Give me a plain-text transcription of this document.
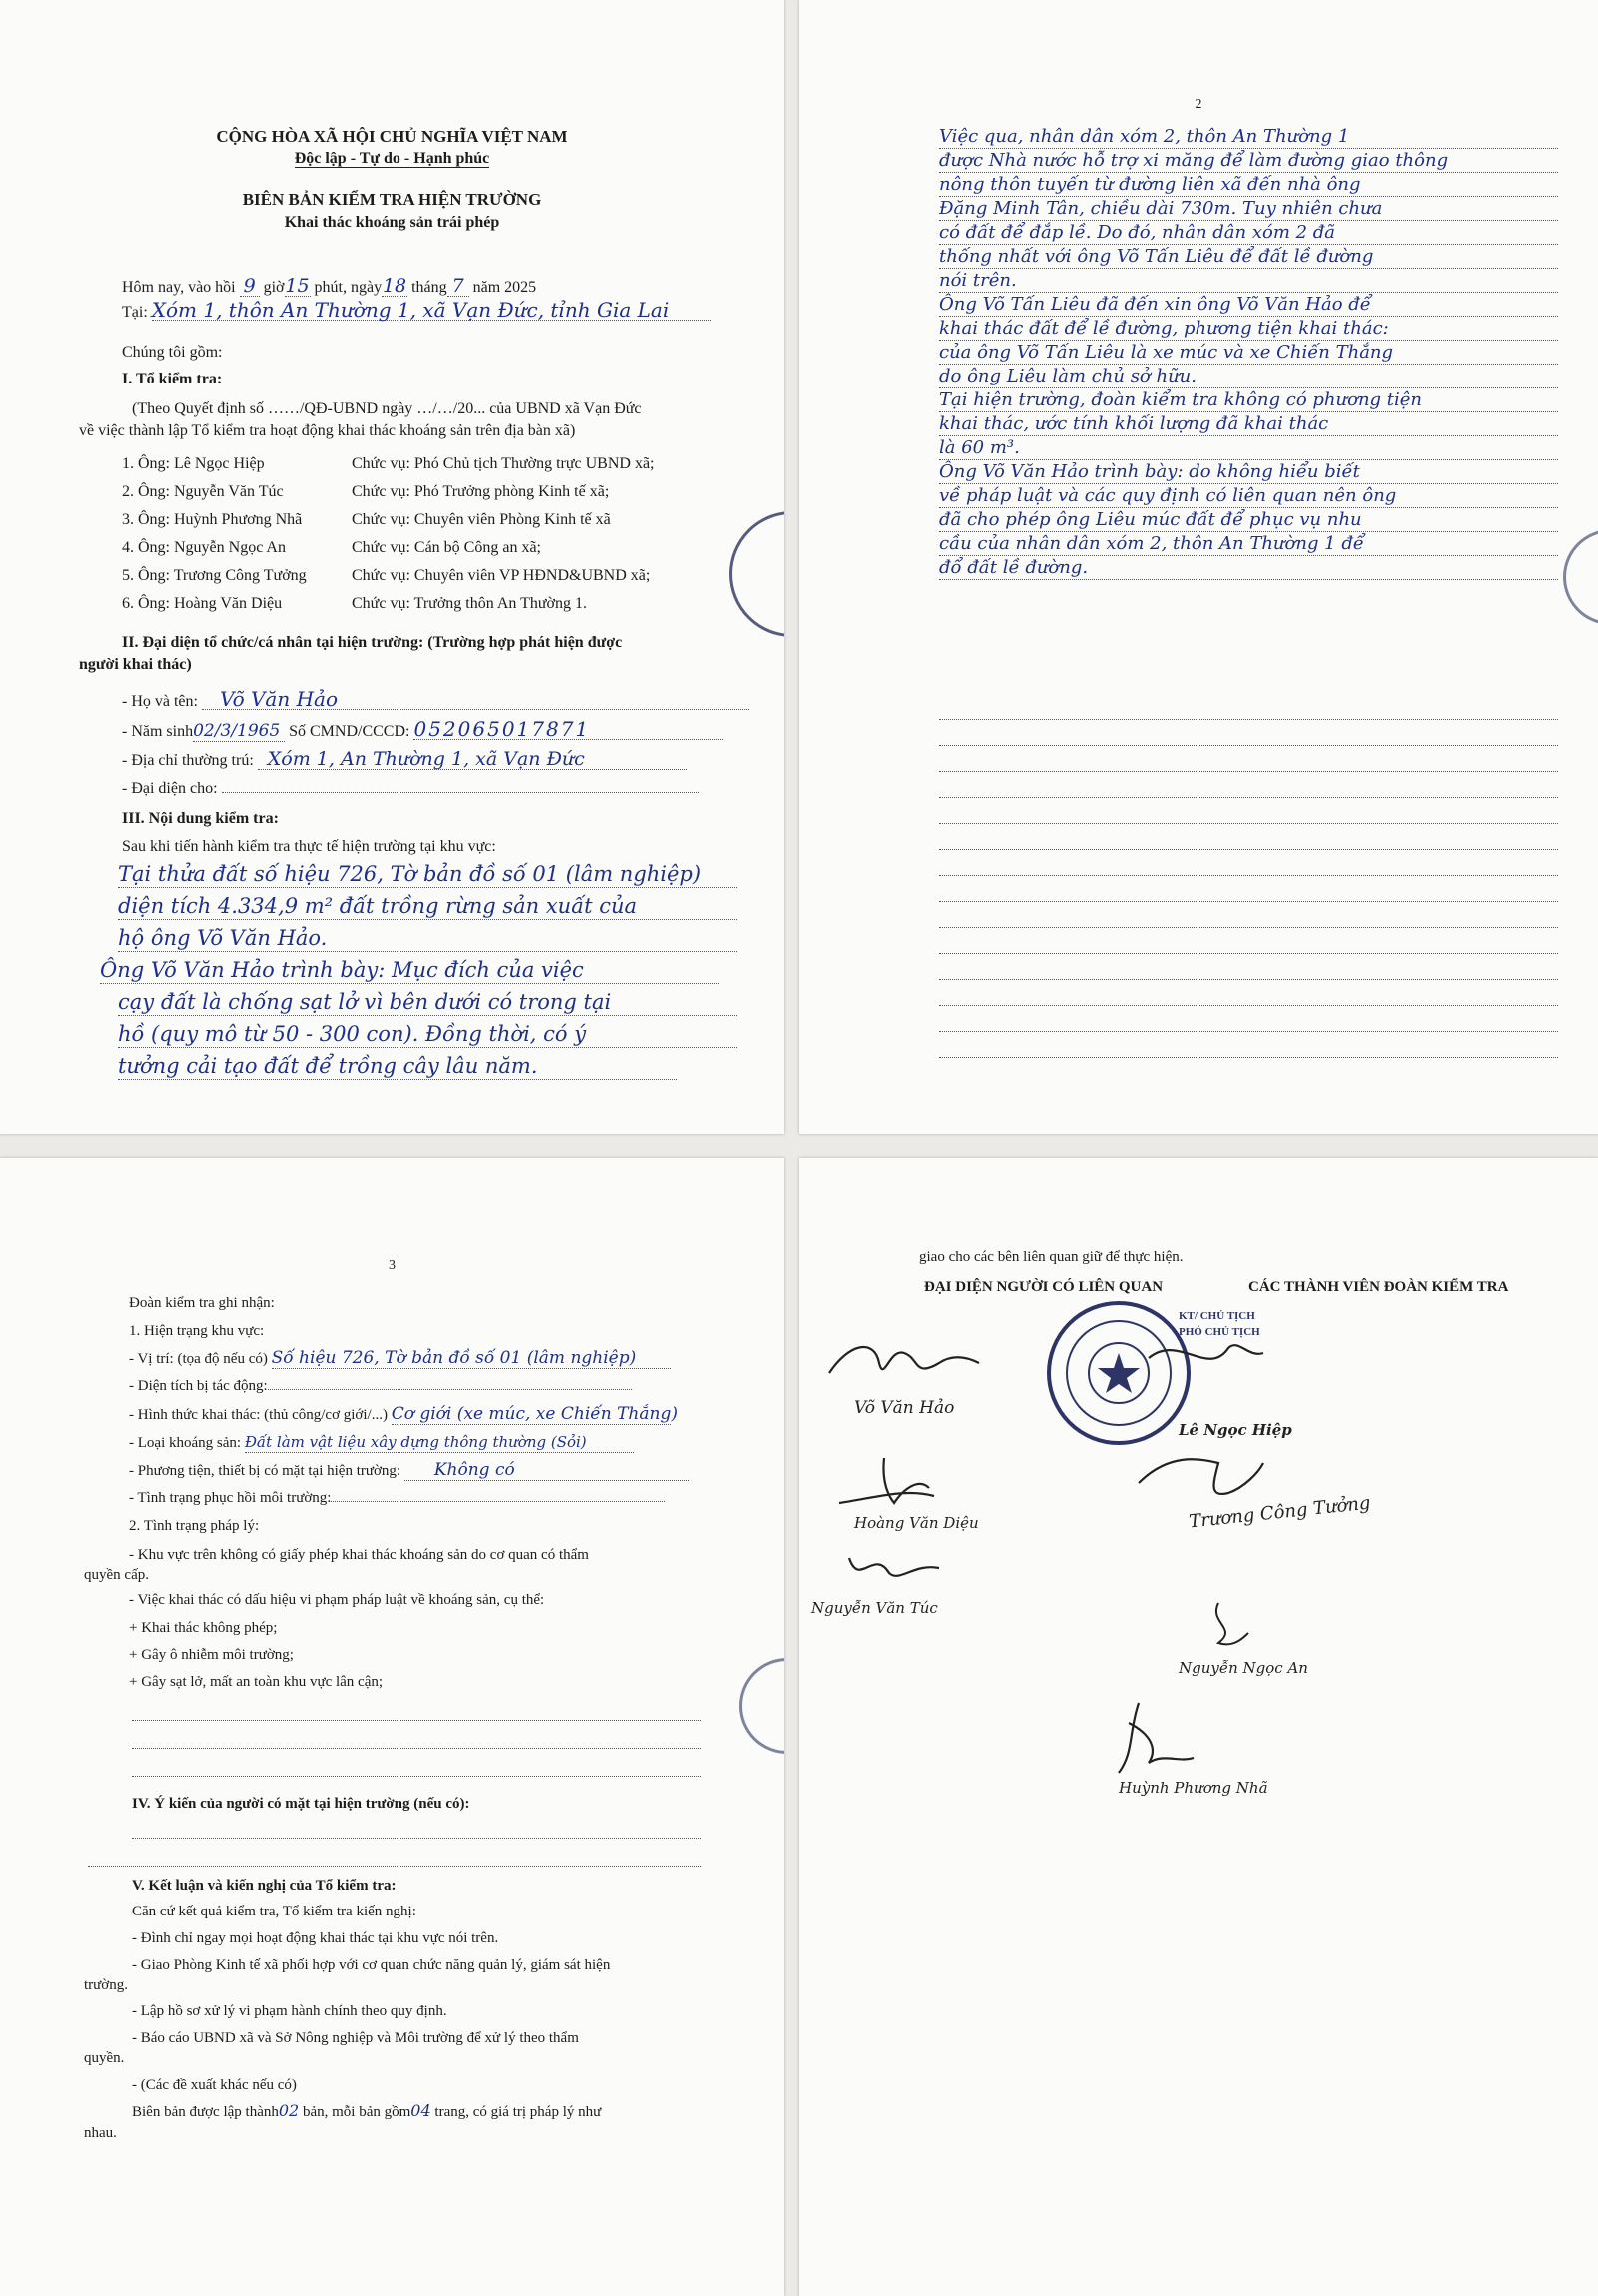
CỘNG HÒA XÃ HỘI CHỦ NGHĨA VIỆT NAM
Độc lập - Tự do - Hạnh phúc
BIÊN BẢN KIỂM TRA HIỆN TRƯỜNG
Khai thác khoáng sản trái phép
Hôm nay, vào hồi 9 giờ15 phút, ngày18 tháng 7 năm 2025
Tại: Xóm 1, thôn An Thường 1, xã Vạn Đức, tỉnh Gia Lai
Chúng tôi gồm:
I. Tổ kiểm tra:
(Theo Quyết định số ……/QĐ-UBND ngày …/…/20... của UBND xã Vạn Đức
về việc thành lập Tổ kiểm tra hoạt động khai thác khoáng sản trên địa bàn xã)
1. Ông: Lê Ngọc Hiệp	Chức vụ: Phó Chủ tịch Thường trực UBND xã;
2. Ông: Nguyễn Văn Túc	Chức vụ: Phó Trưởng phòng Kinh tế xã;
3. Ông: Huỳnh Phương Nhã	Chức vụ: Chuyên viên Phòng Kinh tế xã
4. Ông: Nguyễn Ngọc An	Chức vụ: Cán bộ Công an xã;
5. Ông: Trương Công Tưởng	Chức vụ: Chuyên viên VP HĐND&UBND xã;
6. Ông: Hoàng Văn Diệu	Chức vụ: Trưởng thôn An Thường 1.
II. Đại diện tổ chức/cá nhân tại hiện trường: (Trường hợp phát hiện được
người khai thác)
- Họ và tên: Võ Văn Hảo
- Năm sinh02/3/1965 Số CMND/CCCD: 052065017871
- Địa chỉ thường trú: Xóm 1, An Thường 1, xã Vạn Đức
- Đại diện cho:
III. Nội dung kiểm tra:
Sau khi tiến hành kiểm tra thực tế hiện trường tại khu vực:
Tại thửa đất số hiệu 726, Tờ bản đồ số 01 (lâm nghiệp)
diện tích 4.334,9 m² đất trồng rừng sản xuất của
hộ ông Võ Văn Hảo.
Ông Võ Văn Hảo trình bày: Mục đích của việc
cạy đất là chống sạt lở vì bên dưới có trong tại
hồ (quy mô từ 50 - 300 con). Đồng thời, có ý
tưởng cải tạo đất để trồng cây lâu năm.
2
Việc qua, nhân dân xóm 2, thôn An Thường 1
được Nhà nước hỗ trợ xi măng để làm đường giao thông
nông thôn tuyến từ đường liên xã đến nhà ông
Đặng Minh Tân, chiều dài 730m. Tuy nhiên chưa
có đất để đắp lề. Do đó, nhân dân xóm 2 đã
thống nhất với ông Võ Tấn Liêu để đất lề đường
nói trên.
Ông Võ Tấn Liêu đã đến xin ông Võ Văn Hảo để
khai thác đất để lề đường, phương tiện khai thác:
của ông Võ Tấn Liêu là xe múc và xe Chiến Thắng
do ông Liêu làm chủ sở hữu.
Tại hiện trường, đoàn kiểm tra không có phương tiện
khai thác, ước tính khối lượng đã khai thác
là 60 m³.
Ông Võ Văn Hảo trình bày: do không hiểu biết
về pháp luật và các quy định có liên quan nên ông
đã cho phép ông Liêu múc đất để phục vụ nhu
cầu của nhân dân xóm 2, thôn An Thường 1 để
đổ đất lề đường.
3
Đoàn kiểm tra ghi nhận:
1. Hiện trạng khu vực:
- Vị trí: (tọa độ nếu có) Số hiệu 726, Tờ bản đồ số 01 (lâm nghiệp)
- Diện tích bị tác động:
- Hình thức khai thác: (thủ công/cơ giới/...) Cơ giới (xe múc, xe Chiến Thắng)
- Loại khoáng sản: Đất làm vật liệu xây dựng thông thường (Sỏi)
- Phương tiện, thiết bị có mặt tại hiện trường: Không có
- Tình trạng phục hồi môi trường:
2. Tình trạng pháp lý:
- Khu vực trên không có giấy phép khai thác khoáng sản do cơ quan có thẩm
quyền cấp.
- Việc khai thác có dấu hiệu vi phạm pháp luật về khoáng sản, cụ thể:
+ Khai thác không phép;
+ Gây ô nhiễm môi trường;
+ Gây sạt lở, mất an toàn khu vực lân cận;
IV. Ý kiến của người có mặt tại hiện trường (nếu có):
V. Kết luận và kiến nghị của Tổ kiểm tra:
Căn cứ kết quả kiểm tra, Tổ kiểm tra kiến nghị:
- Đình chỉ ngay mọi hoạt động khai thác tại khu vực nói trên.
- Giao Phòng Kinh tế xã phối hợp với cơ quan chức năng quản lý, giám sát hiện
trường.
- Lập hồ sơ xử lý vi phạm hành chính theo quy định.
- Báo cáo UBND xã và Sở Nông nghiệp và Môi trường để xử lý theo thẩm
quyền.
- (Các đề xuất khác nếu có)
Biên bản được lập thành02 bản, mỗi bản gồm04 trang, có giá trị pháp lý như
nhau.
giao cho các bên liên quan giữ để thực hiện.
ĐẠI DIỆN NGƯỜI CÓ LIÊN QUAN	CÁC THÀNH VIÊN ĐOÀN KIỂM TRA
KT/ CHỦ TỊCH
PHÓ CHỦ TỊCH
Võ Văn Hảo
Hoàng Văn Diệu
Lê Ngọc Hiệp
Trương Công Tưởng
Nguyễn Văn Túc
Nguyễn Ngọc An
Huỳnh Phương Nhã
